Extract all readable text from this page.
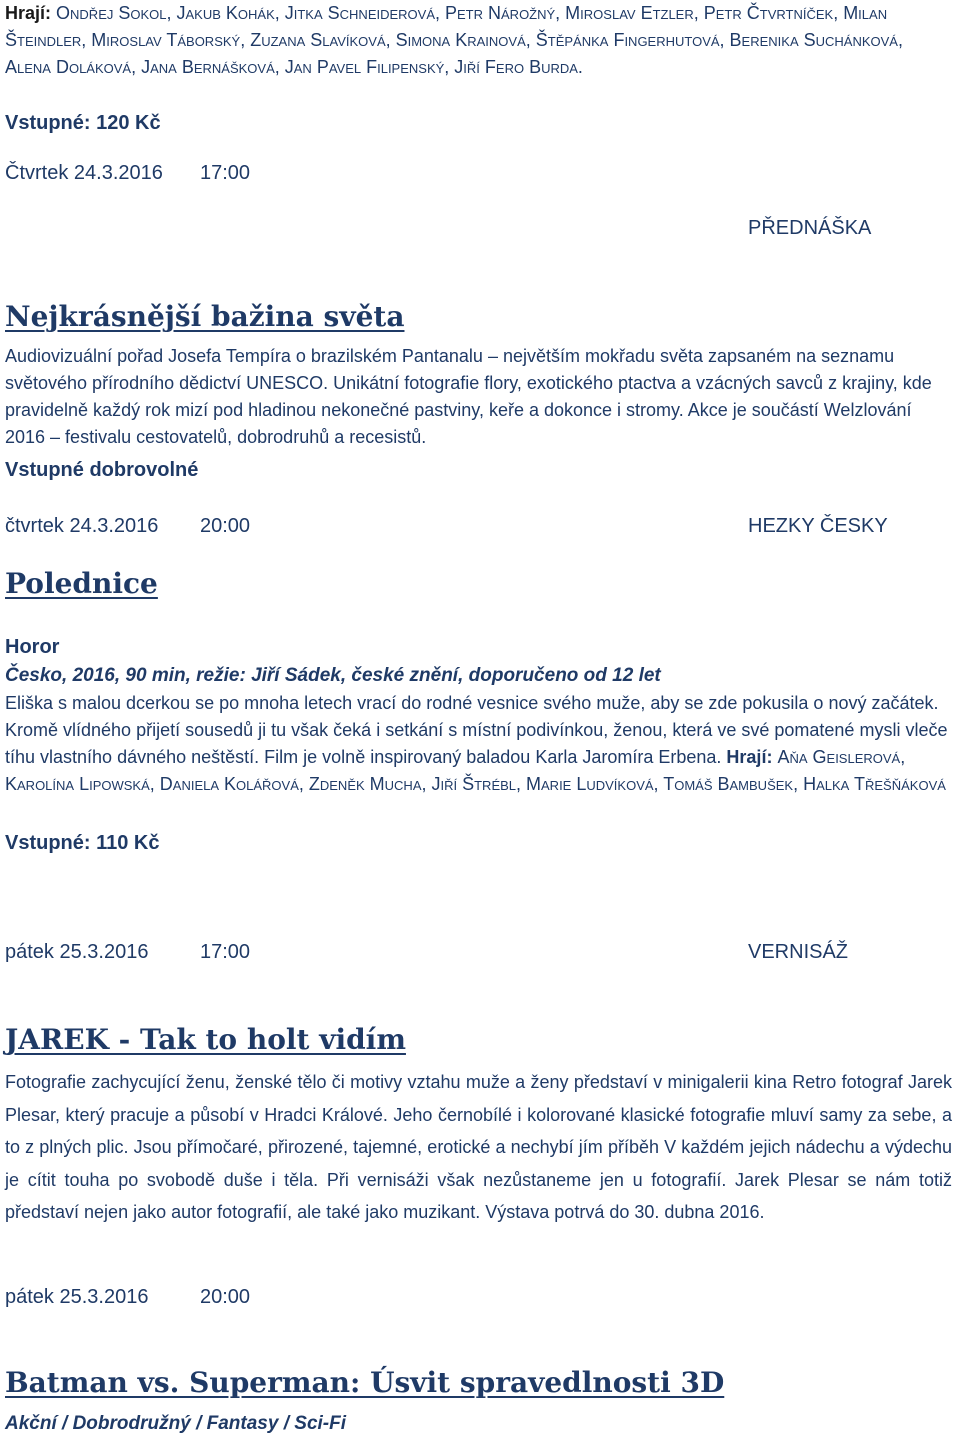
Hrají: Ondřej Sokol, Jakub Kohák, Jitka Schneiderová, Petr Nárožný, Miroslav Etzler, Petr Čtvrtníček, Milan Šteindler, Miroslav Táborský, Zuzana Slavíková, Simona Krainová, Štěpánka Fingerhutová, Berenika Suchánková, Alena Doláková, Jana Bernášková, Jan Pavel Filipenský, Jiří Fero Burda.
Vstupné: 120 Kč
Čtvrtek 24.3.2016 17:00
PŘEDNÁŠKA
Nejkrásnější bažina světa
Audiovizuální pořad Josefa Tempíra o brazilském Pantanalu – největším mokřadu světa zapsaném na seznamu světového přírodního dědictví UNESCO. Unikátní fotografie flory, exotického ptactva a vzácných savců z krajiny, kde pravidelně každý rok mizí pod hladinou nekonečné pastviny, keře a dokonce i stromy. Akce je součástí Welzlování 2016 – festivalu cestovatelů, dobrodruhů a recesistů.
Vstupné dobrovolné
čtvrtek 24.3.2016 20:00	HEZKY ČESKY
Polednice
Horor
Česko, 2016, 90 min, režie: Jiří Sádek, české znění, doporučeno od 12 let
Eliška s malou dcerkou se po mnoha letech vrací do rodné vesnice svého muže, aby se zde pokusila o nový začátek. Kromě vlídného přijetí sousedů ji tu však čeká i setkání s místní podivínkou, ženou, která ve své pomatené mysli vleče tíhu vlastního dávného neštěstí. Film je volně inspirovaný baladou Karla Jaromíra Erbena. Hrají: Aňa Geislerová, Karolína Lipowská, Daniela Kolářová, Zdeněk Mucha, Jiří Štrébl, Marie Ludvíková, Tomáš Bambušek, Halka Třešňáková
Vstupné: 110 Kč
pátek 25.3.2016	17:00	VERNISÁŽ
JAREK - Tak to holt vidím
Fotografie zachycující ženu, ženské tělo či motivy vztahu muže a ženy představí v minigalerii kina Retro fotograf Jarek Plesar, který pracuje a působí v Hradci Králové. Jeho černobílé i kolorované klasické fotografie mluví samy za sebe, a to z plných plic. Jsou přímočaré, přirozené, tajemné, erotické a nechybí jím příběh V každém jejich nádechu a výdechu je cítit touha po svobodě duše i těla. Při vernisáži však nezůstaneme jen u fotografií. Jarek Plesar se nám totiž představí nejen jako autor fotografií, ale také jako muzikant. Výstava potrvá do 30. dubna 2016.
pátek 25.3.2016	20:00
Batman vs. Superman: Úsvit spravedlnosti 3D
Akční / Dobrodružný / Fantasy / Sci-Fi
